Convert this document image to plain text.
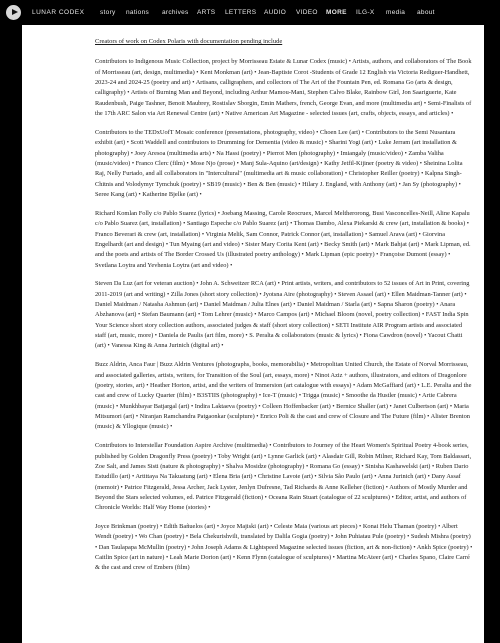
LUNAR CODEX story nations archives ARTS LETTERS AUDIO VIDEO MORE ILG-X media about
Creators of work on Codex Polaris with documentation pending include

Contributors to Indigenous Music Collection, project by Morrisseau Estate & Lunar Codex (music) • Artists, authors, and collaborators of The Book of Morrisseau (art, design, multimedia) • Kent Monkman (art) • Jean-Baptiste Corot -Students of Grade 12 English via Victoria Rediguer-Handhett, 2023-24 and 2024-25 (poetry and art) • Artisans, calligraphers, and collectors of The Art of the Fountain Pen, ed. Romana Go (arts & design, calligraphy) • Artists of Burning Man and Beyond, including Arthur Mamou-Mani, Stephen Calvo Blake, Rainbow Girl, Jon Saariguerte, Kate Raudenbush, Paige Tashner, Benoit Maubrey, Rostislav Sborgin, Emin Mathers, french, George Evan, and more (multimedia art) • Semi-Finalists of the 17th ARC Salon via Art Renewal Centre (art) • Native American Art Magazine - selected issues (art, crafts, objects, essays, and articles) •

Contributors to the TEDxUofT Mosaic conference (presentations, photography, video) • Choen Lee (art) • Contributors to the Semi Nusantara exhibit (art) • Scott Waddell and contributors to Drumming for Dementia (video & music) • Sharini Yogi (art) • Luke Jerram (art installation & photography) • Joey Aresoa (multimedia arts) • Na Hassi (poetry) • Pierrot Men (photography) • Imiangaly (music/video) • Zamba Valiha (music/video) • Franco Clerc (film) • Mose Njo (prose) • Manj Sula-Aquino (art/design) • Kathy Jetfil-Kijiner (poetry & video) • Sheinina Lolita Raj, Nelly Furtado, and all collaborators in "Intercultural" (multimedia art & music collaboration) • Christopher Reiller (poetry) • Kalpna Singh-Chitnis and Volodymyr Tymchuk (poetry) • SB19 (music) • Ben & Ben (music) • Hilary J. England, with Anthony (art) • Jan Sy (photography) • Seree Kang (art) • Katherine Bjelke (art) •

Richard Komlan Folly c/o Pablo Suarez (lyrics) • Joebang Massing, Carole Reocruex, Marcel Meltherorong, Busi Vasconcelles-Neill, Aline Kapalu c/o Pablo Suarez (art, installation) • Santiago Espeche c/o Pablo Suarez (art) • Thomas Dambo, Alexa Piekarski & crew (art, installation & books) • Franco Beverari & crew (art, installation) • Virginia Melik, Sam Connor, Patrick Connor (art, installation) • Samuel Arava (art) • Giorvina Engelhardt (art and design) • Tun Myaing (art and video) • Sister Mary Corita Kent (art) • Becky Smith (art) • Mark Bahjat (art) • Mark Lipman, ed. and the poets and artists of The Border Crossed Us (illustrated poetry anthology) • Mark Lipman (epic poetry) • Françoise Dumont (essay) • Svetlana Loytra and Yevhenia Loytra (art and video) •

Steven Da Luz (art for veteran auction) • John A. Schweitzer RCA (art) • Print artists, writers, and contributors to 52 issues of Art in Print, covering 2011-2019 (art and writing) • Zilla Jones (short story collection) • Jyotsna Aire (photography) • Steven Assael (art) • Ellen Maidman-Tanner (art) • Daniel Maidman / Natasha Ashmun (art) • Daniel Maidman / Julia Elnes (art) • Daniel Maidman / Starla (art) • Sapna Sharon (poetry) • Anara Abzhanova (art) • Stefan Baumann (art) • Tom Lehrer (music) • Marco Campos (art) • Michael Bloom (novel, poetry collection) • FAST India Spin Your Science short story collection authors, associated judges & staff (short story collection) • SETI Institute AIR Program artists and associated staff (art, music, more) • Daniela de Paulis (art film, more) • S. Peralta & collaborators (music & lyrics) • Fiona Cawdron (novel) • Yacout Chatti (art) • Vanessa King & Anna Jurinich (digital art) •

Buzz Aldrin, Anca Faur | Buzz Aldrin Ventures (photographs, books, memorabilia) • Metropolitan United Church, the Estate of Norval Morrisseau, and associated galleries, artists, writers, for Transition of the Soul (art, essays, more) • Ninot Aziz + authors, illustrators, and editors of Dragonlore (poetry, stories, art) • Heather Horton, artist, and the writers of Immersion (art catalogue with essays) • Adam McGaffiard (art) • L.E. Peralta and the cast and crew of Lucky Quarter (film) • B3STIIS (photography) • Ice-T (music) • Trigga (music) • Smoothe da Hustler (music) • Artie Cabrera (music) • Munkhbayar Batjargal (art) • Indira Laktaeva (poetry) • Colleen Hoffenbacker (art) • Bernice Shaller (art) • Janet Culbertson (art) • Maria Mitsumori (art) • Niranjan Ramchandra Patgaonkar (sculpture) • Enrico Poli & the cast and crew of Closure and The Future (film) • Alister Brenton (music) & Yllogique (music) •

Contributors to Interstellar Foundation Aspire Archive (multimedia) • Contributors to Journey of the Heart Women's Spiritual Poetry 4-book series, published by Golden Dragonfly Press (poetry) • Toby Wright (art) • Lynne Garlick (art) • Alasdair Gill, Robin Milner, Richard Kay, Tom Baldassari, Zoe Salt, and James Sisti (nature & photography) • Shalva Mosidze (photography) • Romana Go (essay) • Sinisha Kashawelski (art) • Ruben Dario Estudillo (art) • Artittaya Na Takuatung (art) • Elena Bria (art) • Christine Lavoie (art) • Silvia São Paulo (art) • Anna Jurinich (art) • Dany Assaf (memoir) • Patrice Fitzgerald, Jessa Archer, Jack Lyster, Jenlyn Dufresne, Tad Richards & Anne Kelleher (fiction) • Authors of Mostly Murder and Beyond the Stars selected volumes, ed. Patrice Fitzgerald (fiction) • Oceana Rain Stuart (catalogue of 22 sculptures) • Editor, artist, and authors of Chronicle Worlds: Half Way Home (stories) •

Joyce Brinkman (poetry) • Edith Bañuelos (art) • Joyce Majiski (art) • Celeste Maia (various art pieces) • Konai Helu Thaman (poetry) • Albert Wendt (poetry) • Wo Chan (poetry) • Bela Chekurishvili, translated by Dalila Gogia (poetry) • John Puhiatau Pule (poetry) • Sudesh Mishra (poetry) • Dan Taulapapa McMullin (poetry) • John Joseph Adams & Lightspeed Magazine selected issues (fiction, art & non-fiction) • Ankh Spice (poetry) • Caitlin Spice (art in nature) • Leah Marie Dorion (art) • Kenn Flynn (catalogue of sculptures) • Martina McAteer (art) • Charles Spano, Claire Carré & the cast and crew of Embers (film)
